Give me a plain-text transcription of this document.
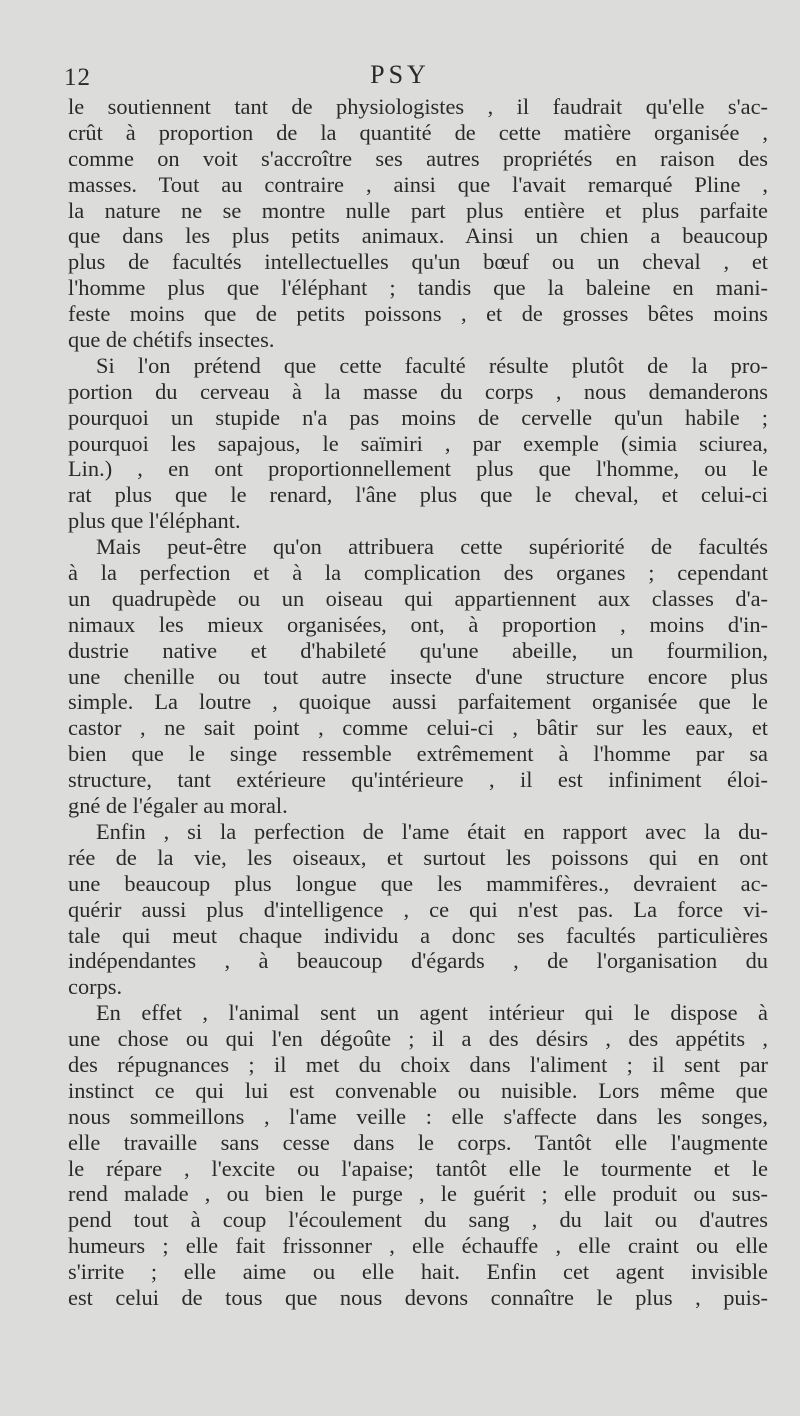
12	PSY
le soutiennent tant de physiologistes , il faudrait qu'elle s'ac-
crût à proportion de la quantité de cette matière organisée ,
comme on voit s'accroître ses autres propriétés en raison des
masses. Tout au contraire , ainsi que l'avait remarqué Pline ,
la nature ne se montre nulle part plus entière et plus parfaite
que dans les plus petits animaux. Ainsi un chien a beaucoup
plus de facultés intellectuelles qu'un bœuf ou un cheval , et
l'homme plus que l'éléphant ; tandis que la baleine en mani-
feste moins que de petits poissons , et de grosses bêtes moins
que de chétifs insectes.
Si l'on prétend que cette faculté résulte plutôt de la pro-
portion du cerveau à la masse du corps , nous demanderons
pourquoi un stupide n'a pas moins de cervelle qu'un habile ;
pourquoi les sapajous, le saïmiri , par exemple (simia sciurea,
Lin.) , en ont proportionnellement plus que l'homme, ou le
rat plus que le renard, l'âne plus que le cheval, et celui-ci
plus que l'éléphant.
Mais peut-être qu'on attribuera cette supériorité de facultés
à la perfection et à la complication des organes ; cependant
un quadrupède ou un oiseau qui appartiennent aux classes d'a-
nimaux les mieux organisées, ont, à proportion , moins d'in-
dustrie native et d'habileté qu'une abeille, un fourmilion,
une chenille ou tout autre insecte d'une structure encore plus
simple. La loutre , quoique aussi parfaitement organisée que le
castor , ne sait point , comme celui-ci , bâtir sur les eaux, et
bien que le singe ressemble extrêmement à l'homme par sa
structure, tant extérieure qu'intérieure , il est infiniment éloi-
gné de l'égaler au moral.
Enfin , si la perfection de l'ame était en rapport avec la du-
rée de la vie, les oiseaux, et surtout les poissons qui en ont
une beaucoup plus longue que les mammifères., devraient ac-
quérir aussi plus d'intelligence , ce qui n'est pas. La force vi-
tale qui meut chaque individu a donc ses facultés particulières
indépendantes , à beaucoup d'égards , de l'organisation du
corps.
En effet , l'animal sent un agent intérieur qui le dispose à
une chose ou qui l'en dégoûte ; il a des désirs , des appétits ,
des répugnances ; il met du choix dans l'aliment ; il sent par
instinct ce qui lui est convenable ou nuisible. Lors même que
nous sommeillons , l'ame veille : elle s'affecte dans les songes,
elle travaille sans cesse dans le corps. Tantôt elle l'augmente
le répare , l'excite ou l'apaise; tantôt elle le tourmente et le
rend malade , ou bien le purge , le guérit ; elle produit ou sus-
pend tout à coup l'écoulement du sang , du lait ou d'autres
humeurs ; elle fait frissonner , elle échauffe , elle craint ou elle
s'irrite ; elle aime ou elle hait. Enfin cet agent invisible
est celui de tous que nous devons connaître le plus , puis-
